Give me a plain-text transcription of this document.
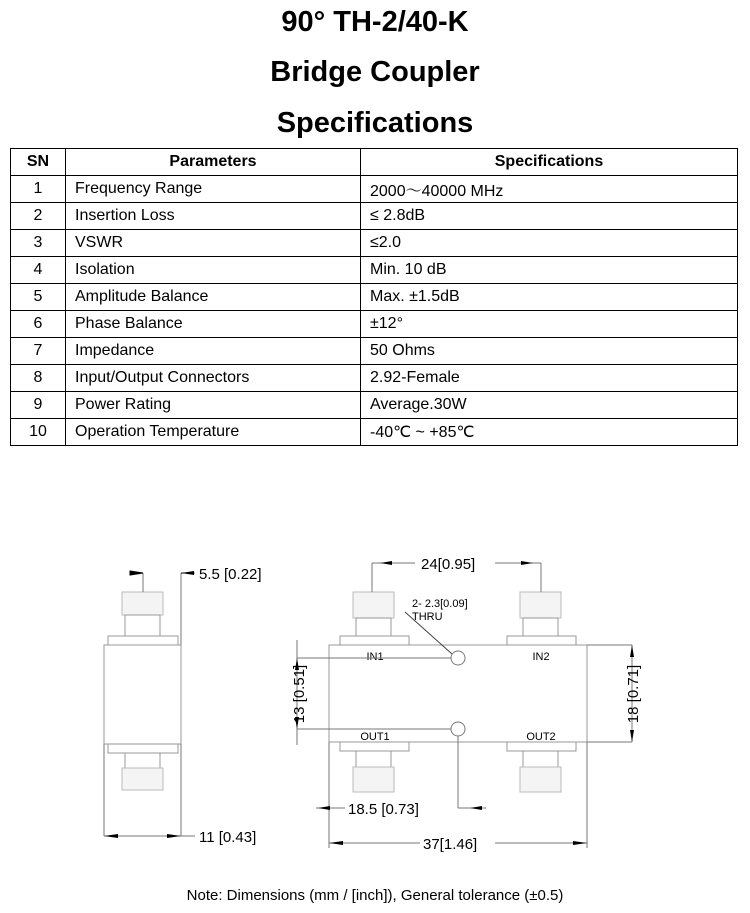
90° TH-2/40-K
Bridge Coupler
Specifications
SN	Parameters	Specifications
1	Frequency Range	2000～40000 MHz
2	Insertion Loss	≤ 2.8dB
3	VSWR	≤2.0
4	Isolation	Min. 10 dB
5	Amplitude Balance	Max. ±1.5dB
6	Phase Balance	±12°
7	Impedance	50 Ohms
8	Input/Output Connectors	2.92-Female
9	Power Rating	Average.30W
10	Operation Temperature	-40℃ ~ +85℃
5.5 [0.22]
11 [0.43]
24[0.95]
2- 2.3[0.09]
THRU
IN1	IN2
OUT1	OUT2
13 [0.51]	18 [0.71]
18.5 [0.73]
37[1.46]
Note: Dimensions (mm / [inch]), General tolerance (±0.5)
